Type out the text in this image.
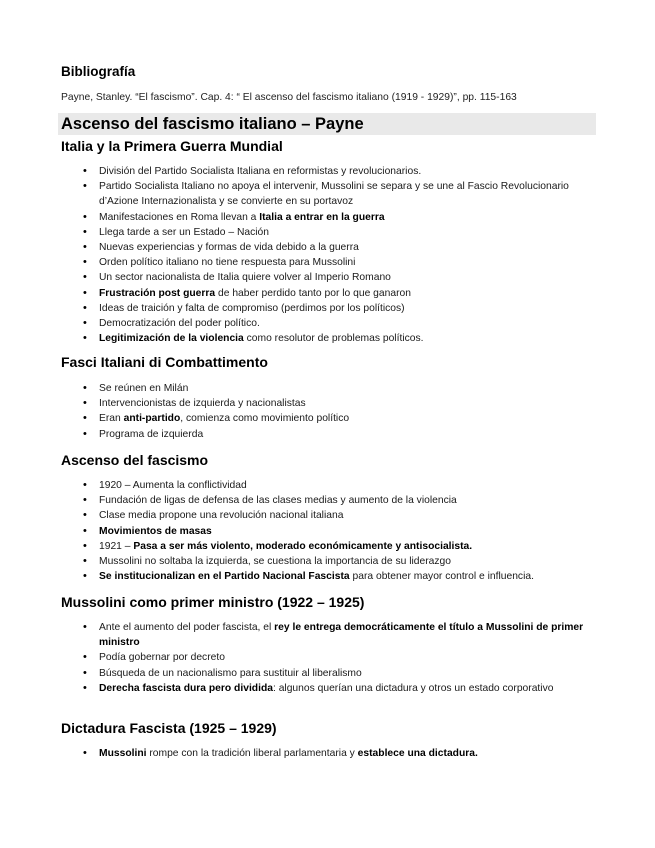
Bibliografía

Payne, Stanley. “El fascismo”. Cap. 4: “ El ascenso del fascismo italiano (1919 - 1929)”, pp. 115-163

Ascenso del fascismo italiano – Payne
Italia y la Primera Guerra Mundial
• División del Partido Socialista Italiana en reformistas y revolucionarios.
• Partido Socialista Italiano no apoya el intervenir, Mussolini se separa y se une al Fascio Revolucionario d’Azione Internazionalista y se convierte en su portavoz
• Manifestaciones en Roma llevan a Italia a entrar en la guerra
• Llega tarde a ser un Estado – Nación
• Nuevas experiencias y formas de vida debido a la guerra
• Orden político italiano no tiene respuesta para Mussolini
• Un sector nacionalista de Italia quiere volver al Imperio Romano
• Frustración post guerra de haber perdido tanto por lo que ganaron
• Ideas de traición y falta de compromiso (perdimos por los políticos)
• Democratización del poder político.
• Legitimización de la violencia como resolutor de problemas políticos.
Fasci Italiani di Combattimento
• Se reúnen en Milán
• Intervencionistas de izquierda y nacionalistas
• Eran anti-partido, comienza como movimiento político
• Programa de izquierda
Ascenso del fascismo
• 1920 – Aumenta la conflictividad
• Fundación de ligas de defensa de las clases medias y aumento de la violencia
• Clase media propone una revolución nacional italiana
• Movimientos de masas
• 1921 – Pasa a ser más violento, moderado económicamente y antisocialista.
• Mussolini no soltaba la izquierda, se cuestiona la importancia de su liderazgo
• Se institucionalizan en el Partido Nacional Fascista para obtener mayor control e influencia.
Mussolini como primer ministro (1922 – 1925)
• Ante el aumento del poder fascista, el rey le entrega democráticamente el título a Mussolini de primer ministro
• Podía gobernar por decreto
• Búsqueda de un nacionalismo para sustituir al liberalismo
• Derecha fascista dura pero dividida: algunos querían una dictadura y otros un estado corporativo
Dictadura Fascista (1925 – 1929)
• Mussolini rompe con la tradición liberal parlamentaria y establece una dictadura.
